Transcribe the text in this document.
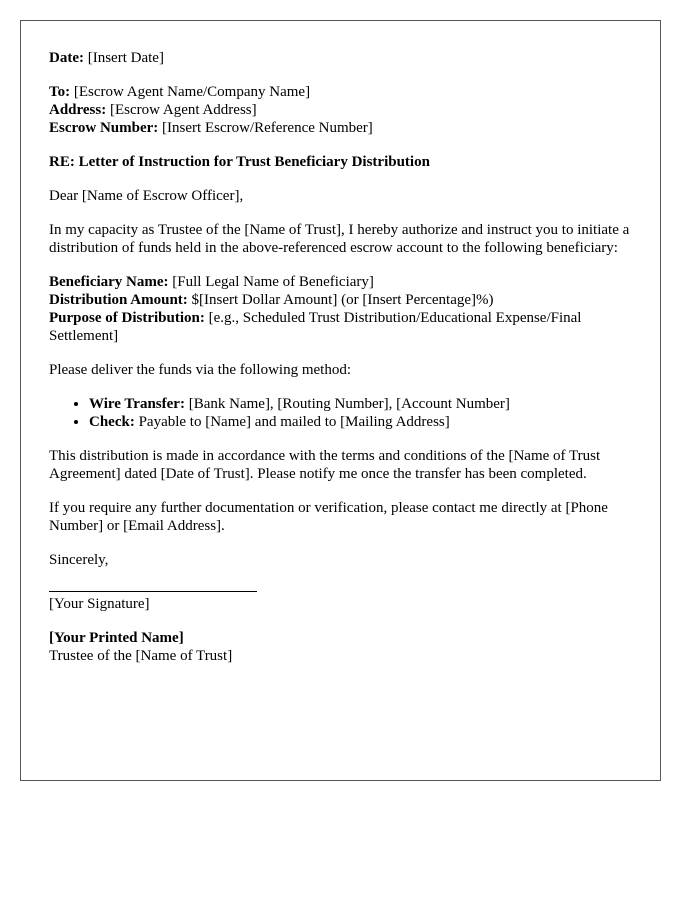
Date: [Insert Date]

To: [Escrow Agent Name/Company Name]

Address: [Escrow Agent Address]

Escrow Number: [Insert Escrow/Reference Number]

RE: Letter of Instruction for Trust Beneficiary Distribution

Dear [Name of Escrow Officer],

In my capacity as Trustee of the [Name of Trust], I hereby authorize and instruct you to initiate a distribution of funds held in the above-referenced escrow account to the following beneficiary:

Beneficiary Name: [Full Legal Name of Beneficiary]

Distribution Amount: $[Insert Dollar Amount] (or [Insert Percentage]%)

Purpose of Distribution: [e.g., Scheduled Trust Distribution/Educational Expense/Final Settlement]

Please deliver the funds via the following method:

• Wire Transfer: [Bank Name], [Routing Number], [Account Number]
• Check: Payable to [Name] and mailed to [Mailing Address]

This distribution is made in accordance with the terms and conditions of the [Name of Trust Agreement] dated [Date of Trust]. Please notify me once the transfer has been completed.

If you require any further documentation or verification, please contact me directly at [Phone Number] or [Email Address].

Sincerely,

[Your Signature]

[Your Printed Name]

Trustee of the [Name of Trust]
